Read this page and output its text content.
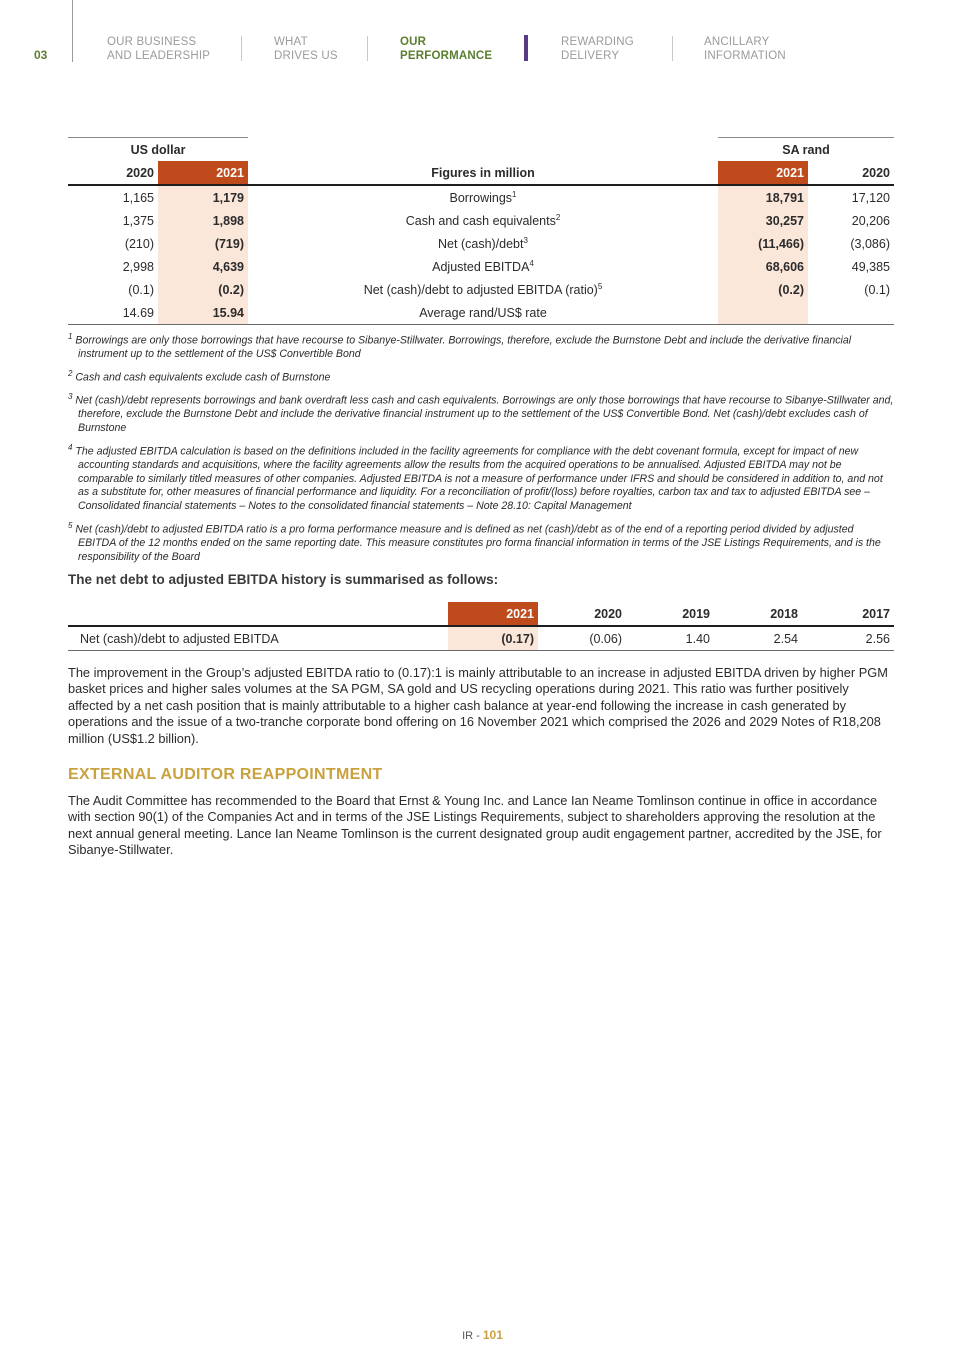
03
OUR BUSINESS
AND LEADERSHIP
WHAT
DRIVES US
OUR
PERFORMANCE
REWARDING
DELIVERY
ANCILLARY
INFORMATION
US dollar			SA rand	
2020	2021	Figures in million	2021	2020
1,165	1,179	Borrowings$^1$	18,791	17,120
1,375	1,898	Cash and cash equivalents$^2$	30,257	20,206
(210)	(719)	Net (cash)/debt$^3$	(11,466)	(3,086)
2,998	4,639	Adjusted EBITDA$^4$	68,606	49,385
(0.1)	(0.2)	Net (cash)/debt to adjusted EBITDA (ratio)$^5$	(0.2)	(0.1)
14.69	15.94	Average rand/US$ rate		
$^1$ Borrowings are only those borrowings that have recourse to Sibanye-Stillwater. Borrowings, therefore, exclude the Burnstone Debt and include the derivative financial instrument up to the settlement of the US$ Convertible Bond
$^2$ Cash and cash equivalents exclude cash of Burnstone
$^3$ Net (cash)/debt represents borrowings and bank overdraft less cash and cash equivalents. Borrowings are only those borrowings that have recourse to Sibanye-Stillwater and, therefore, exclude the Burnstone Debt and include the derivative financial instrument up to the settlement of the US$ Convertible Bond. Net (cash)/debt excludes cash of Burnstone
$^4$ The adjusted EBITDA calculation is based on the definitions included in the facility agreements for compliance with the debt covenant formula, except for impact of new accounting standards and acquisitions, where the facility agreements allow the results from the acquired operations to be annualised. Adjusted EBITDA may not be comparable to similarly titled measures of other companies. Adjusted EBITDA is not a measure of performance under IFRS and should be considered in addition to, and not as a substitute for, other measures of financial performance and liquidity. For a reconciliation of profit/(loss) before royalties, carbon tax and tax to adjusted EBITDA see – Consolidated financial statements – Notes to the consolidated financial statements – Note 28.10: Capital Management
$^5$ Net (cash)/debt to adjusted EBITDA ratio is a pro forma performance measure and is defined as net (cash)/debt as of the end of a reporting period divided by adjusted EBITDA of the 12 months ended on the same reporting date. This measure constitutes pro forma financial information in terms of the JSE Listings Requirements, and is the responsibility of the Board
The net debt to adjusted EBITDA history is summarised as follows:
	2021	2020	2019	2018	2017
Net (cash)/debt to adjusted EBITDA	(0.17)	(0.06)	1.40	2.54	2.56

The improvement in the Group’s adjusted EBITDA ratio to (0.17):1 is mainly attributable to an increase in adjusted EBITDA driven by higher PGM basket prices and higher sales volumes at the SA PGM, SA gold and US recycling operations during 2021. This ratio was further positively affected by a net cash position that is mainly attributable to a higher cash balance at year-end following the increase in cash generated by operations and the issue of a two-tranche corporate bond offering on 16 November 2021 which comprised the 2026 and 2029 Notes of R18,208 million (US$1.2 billion).

EXTERNAL AUDITOR REAPPOINTMENT

The Audit Committee has recommended to the Board that Ernst & Young Inc. and Lance Ian Neame Tomlinson continue in office in accordance with section 90(1) of the Companies Act and in terms of the JSE Listings Requirements, subject to shareholders approving the resolution at the next annual general meeting. Lance Ian Neame Tomlinson is the current designated group audit engagement partner, accredited by the JSE, for Sibanye-Stillwater.

IR - 101
